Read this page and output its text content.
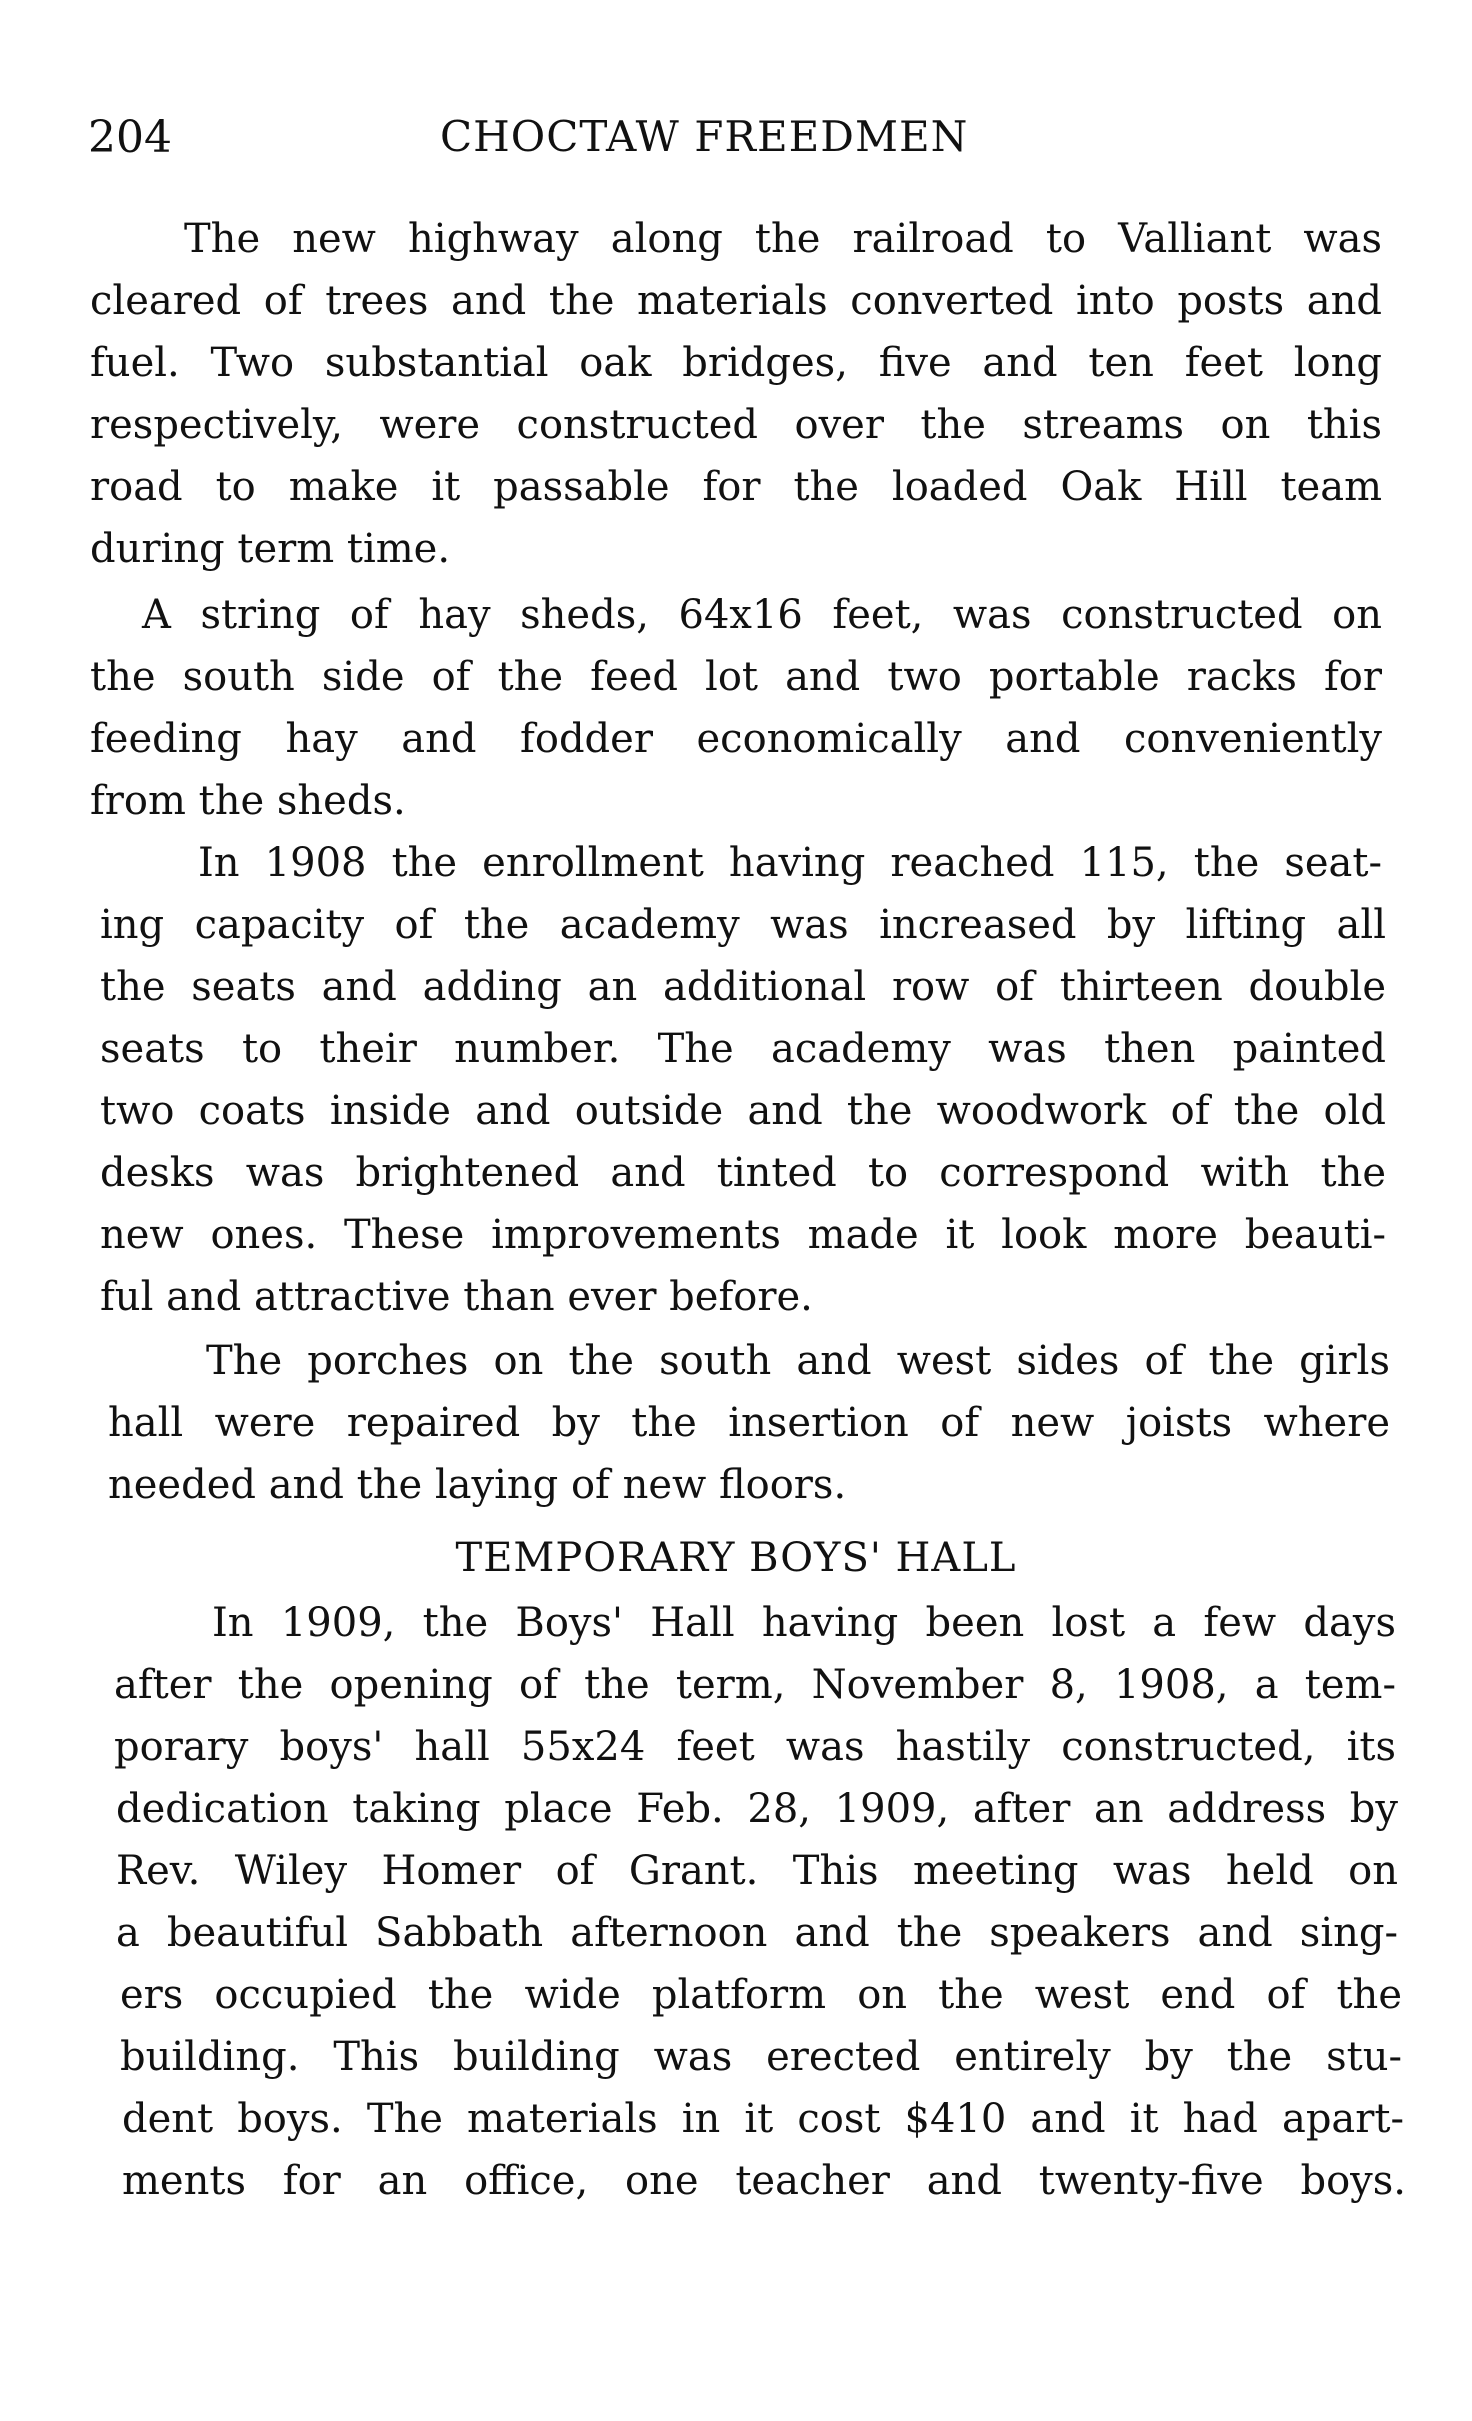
204	CHOCTAW FREEDMEN
The new highway along the railroad to Valliant was
cleared of trees and the materials converted into posts and
fuel. Two substantial oak bridges, five and ten feet long
respectively, were constructed over the streams on this
road to make it passable for the loaded Oak Hill team
during term time.
A string of hay sheds, 64x16 feet, was constructed on
the south side of the feed lot and two portable racks for
feeding hay and fodder economically and conveniently
from the sheds.
In 1908 the enrollment having reached 115, the seat-
ing capacity of the academy was increased by lifting all
the seats and adding an additional row of thirteen double
seats to their number. The academy was then painted
two coats inside and outside and the woodwork of the old
desks was brightened and tinted to correspond with the
new ones. These improvements made it look more beauti-
ful and attractive than ever before.
The porches on the south and west sides of the girls
hall were repaired by the insertion of new joists where
needed and the laying of new floors.
TEMPORARY BOYS' HALL
In 1909, the Boys' Hall having been lost a few days
after the opening of the term, November 8, 1908, a tem-
porary boys' hall 55x24 feet was hastily constructed, its
dedication taking place Feb. 28, 1909, after an address by
Rev. Wiley Homer of Grant. This meeting was held on
a beautiful Sabbath afternoon and the speakers and sing-
ers occupied the wide platform on the west end of the
building. This building was erected entirely by the stu-
dent boys. The materials in it cost $410 and it had apart-
ments for an office, one teacher and twenty-five boys.
